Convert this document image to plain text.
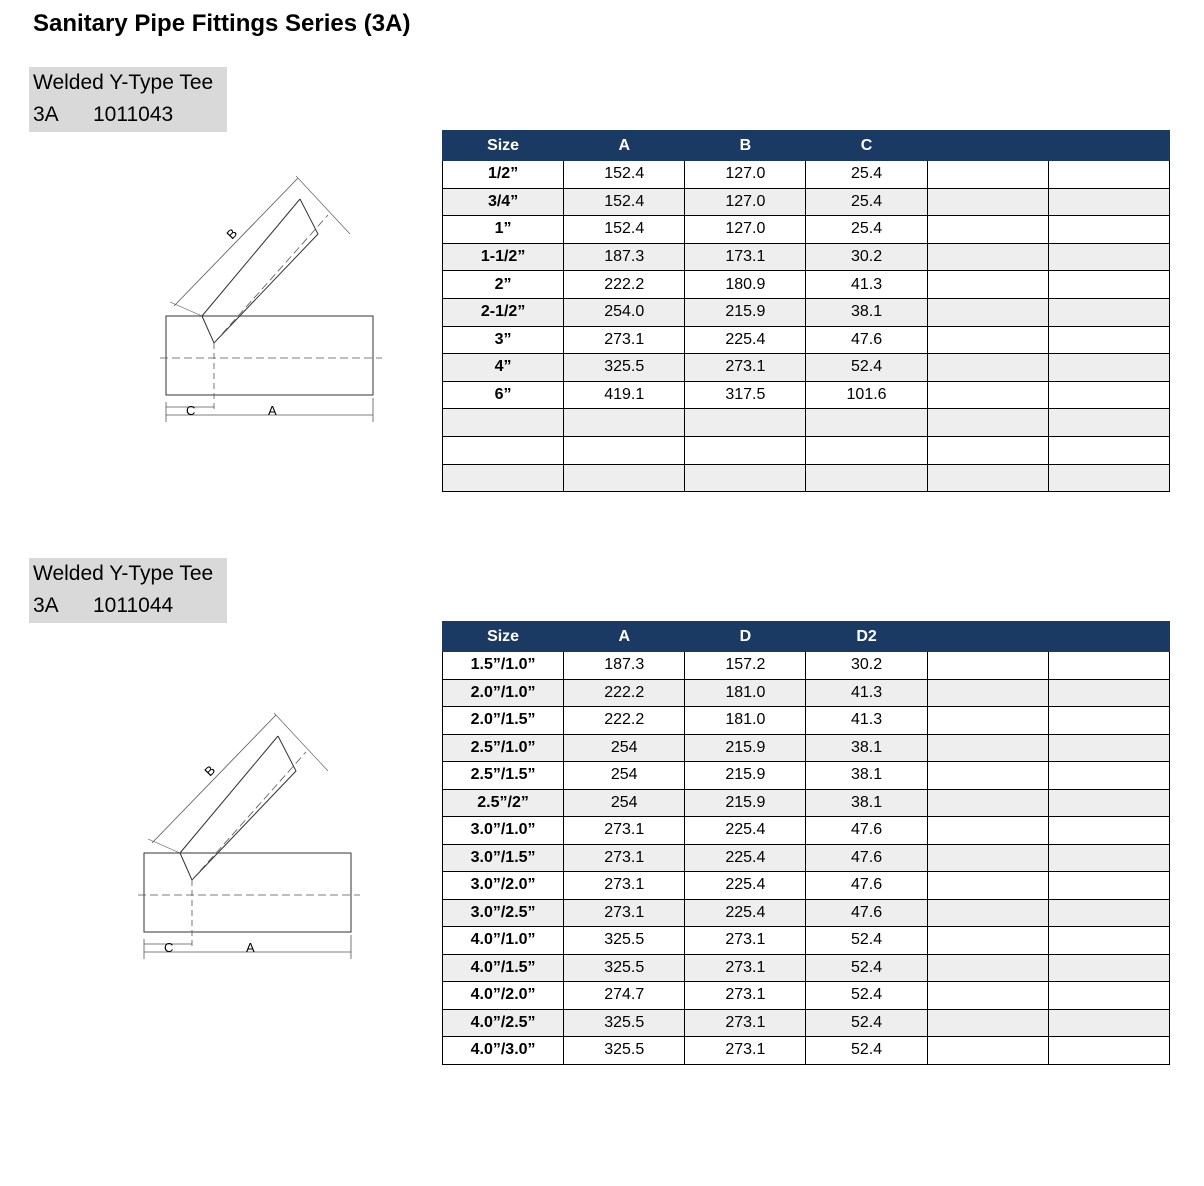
Sanitary Pipe Fittings Series (3A)
Welded Y-Type Tee
3A 1011043
B
C	A
Size	A	B	C		
1/2”	152.4	127.0	25.4		
3/4”	152.4	127.0	25.4		
1”	152.4	127.0	25.4		
1-1/2”	187.3	173.1	30.2		
2”	222.2	180.9	41.3		
2-1/2”	254.0	215.9	38.1		
3”	273.1	225.4	47.6		
4”	325.5	273.1	52.4		
6”	419.1	317.5	101.6		

Welded Y-Type Tee
3A 1011044
B
C	A
Size	A	D	D2		
1.5”/1.0”	187.3	157.2	30.2		
2.0”/1.0”	222.2	181.0	41.3		
2.0”/1.5”	222.2	181.0	41.3		
2.5”/1.0”	254	215.9	38.1		
2.5”/1.5”	254	215.9	38.1		
2.5”/2”	254	215.9	38.1		
3.0”/1.0”	273.1	225.4	47.6		
3.0”/1.5”	273.1	225.4	47.6		
3.0”/2.0”	273.1	225.4	47.6		
3.0”/2.5”	273.1	225.4	47.6		
4.0”/1.0”	325.5	273.1	52.4		
4.0”/1.5”	325.5	273.1	52.4		
4.0”/2.0”	274.7	273.1	52.4		
4.0”/2.5”	325.5	273.1	52.4		
4.0”/3.0”	325.5	273.1	52.4		
